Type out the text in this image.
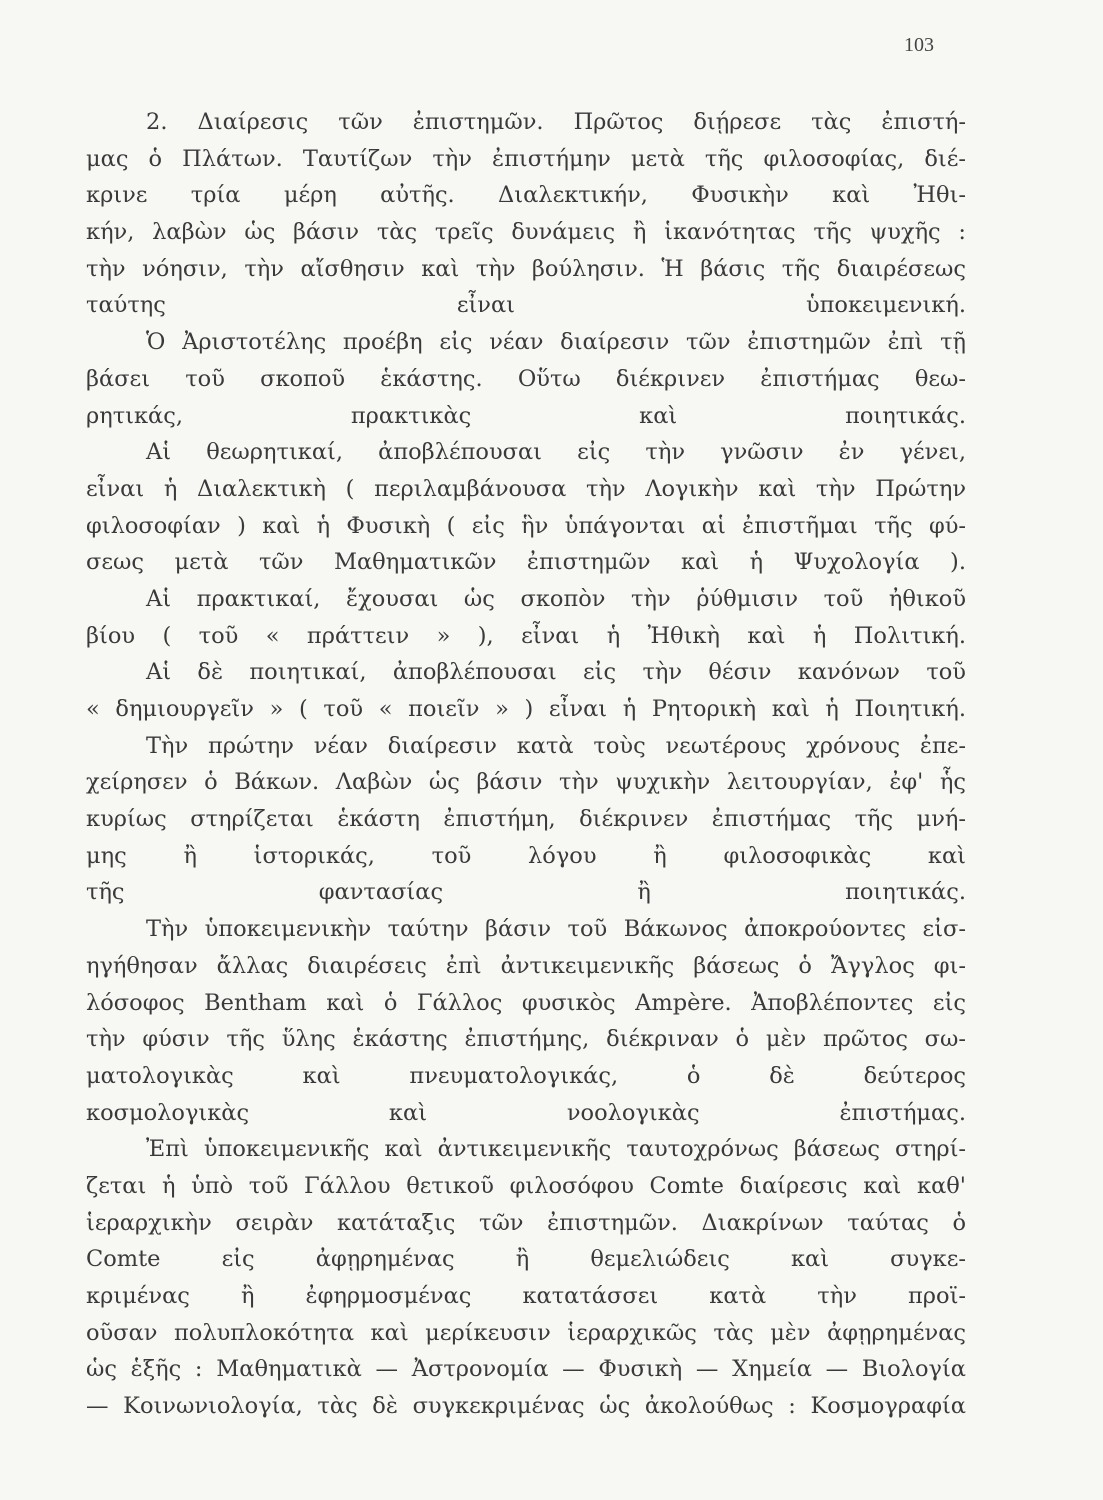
103
2. Διαίρεσις τῶν ἐπιστημῶν. Πρῶτος διῄρεσε τὰς ἐπιστή-
μας ὁ Πλάτων. Ταυτίζων τὴν ἐπιστήμην μετὰ τῆς φιλοσοφίας, διέ-
κρινε τρία μέρη αὐτῆς. Διαλεκτικήν, Φυσικὴν καὶ Ἠθι-
κήν, λαβὼν ὡς βάσιν τὰς τρεῖς δυνάμεις ἢ ἱκανότητας τῆς ψυχῆς :
τὴν νόησιν, τὴν αἴσθησιν καὶ τὴν βούλησιν. Ἡ βάσις τῆς διαιρέσεως
ταύτης εἶναι ὑποκειμενική.
Ὁ Ἀριστοτέλης προέβη εἰς νέαν διαίρεσιν τῶν ἐπιστημῶν ἐπὶ τῇ
βάσει τοῦ σκοποῦ ἑκάστης. Οὕτω διέκρινεν ἐπιστήμας θεω-
ρητικάς, πρακτικὰς καὶ ποιητικάς.
Αἱ θεωρητικαί, ἀποβλέπουσαι εἰς τὴν γνῶσιν ἐν γένει,
εἶναι ἡ Διαλεκτικὴ ( περιλαμβάνουσα τὴν Λογικὴν καὶ τὴν Πρώτην
φιλοσοφίαν ) καὶ ἡ Φυσικὴ ( εἰς ἣν ὑπάγονται αἱ ἐπιστῆμαι τῆς φύ-
σεως μετὰ τῶν Μαθηματικῶν ἐπιστημῶν καὶ ἡ Ψυχολογία ).
Αἱ πρακτικαί, ἔχουσαι ὡς σκοπὸν τὴν ῥύθμισιν τοῦ ἠθικοῦ
βίου ( τοῦ « πράττειν » ), εἶναι ἡ Ἠθικὴ καὶ ἡ Πολιτική.
Αἱ δὲ ποιητικαί, ἀποβλέπουσαι εἰς τὴν θέσιν κανόνων τοῦ
« δημιουργεῖν » ( τοῦ « ποιεῖν » ) εἶναι ἡ Ρητορικὴ καὶ ἡ Ποιητική.
Τὴν πρώτην νέαν διαίρεσιν κατὰ τοὺς νεωτέρους χρόνους ἐπε-
χείρησεν ὁ Βάκων. Λαβὼν ὡς βάσιν τὴν ψυχικὴν λειτουργίαν, ἐφ' ἧς
κυρίως στηρίζεται ἑκάστη ἐπιστήμη, διέκρινεν ἐπιστήμας τῆς μνή-
μης ἢ ἱστορικάς, τοῦ λόγου ἢ φιλοσοφικὰς καὶ
τῆς φαντασίας ἢ ποιητικάς.
Τὴν ὑποκειμενικὴν ταύτην βάσιν τοῦ Βάκωνος ἀποκρούοντες εἰσ-
ηγήθησαν ἄλλας διαιρέσεις ἐπὶ ἀντικειμενικῆς βάσεως ὁ Ἄγγλος φι-
λόσοφος Bentham καὶ ὁ Γάλλος φυσικὸς Ampère. Ἀποβλέποντες εἰς
τὴν φύσιν τῆς ὕλης ἑκάστης ἐπιστήμης, διέκριναν ὁ μὲν πρῶτος σω-
ματολογικὰς καὶ πνευματολογικάς, ὁ δὲ δεύτερος
κοσμολογικὰς καὶ νοολογικὰς ἐπιστήμας.
Ἐπὶ ὑποκειμενικῆς καὶ ἀντικειμενικῆς ταυτοχρόνως βάσεως στηρί-
ζεται ἡ ὑπὸ τοῦ Γάλλου θετικοῦ φιλοσόφου Comte διαίρεσις καὶ καθ'
ἱεραρχικὴν σειρὰν κατάταξις τῶν ἐπιστημῶν. Διακρίνων ταύτας ὁ
Comte εἰς ἀφῃρημένας ἢ θεμελιώδεις καὶ συγκε-
κριμένας ἢ ἐφηρμοσμένας κατατάσσει κατὰ τὴν προϊ-
οῦσαν πολυπλοκότητα καὶ μερίκευσιν ἱεραρχικῶς τὰς μὲν ἀφῃρημένας
ὡς ἑξῆς : Μαθηματικὰ — Ἀστρονομία — Φυσικὴ — Χημεία — Βιολογία
— Κοινωνιολογία, τὰς δὲ συγκεκριμένας ὡς ἀκολούθως : Κοσμογραφία
